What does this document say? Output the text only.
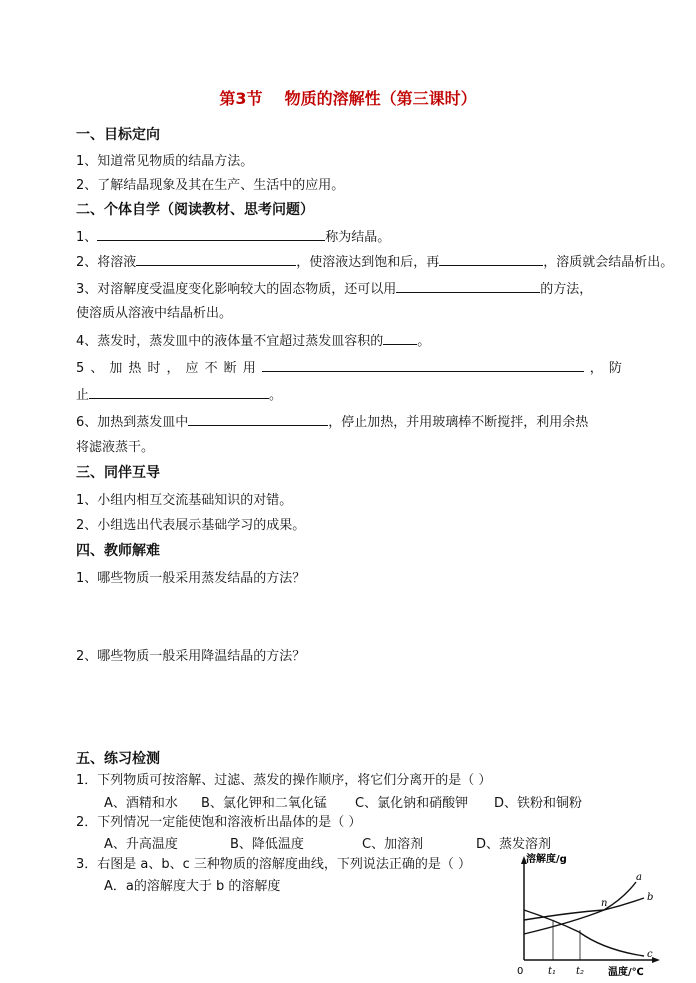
第3节 物质的溶解性（第三课时）
一、目标定向
1、知道常见物质的结晶方法。
2、了解结晶现象及其在生产、生活中的应用。
二、个体自学（阅读教材、思考问题）
1、	称为结晶。
2、将溶液	，使溶液达到饱和后，再	，溶质就会结晶析出。
3、对溶解度受温度变化影响较大的固态物质，还可以用	的方法，
使溶质从溶液中结晶析出。
4、蒸发时，蒸发皿中的液体量不宜超过蒸发皿容积的	。
5 、 加 热 时 ， 应 不 断 用	， 防
止	。
6、加热到蒸发皿中	，停止加热，并用玻璃棒不断搅拌，利用余热
将滤液蒸干。
三、同伴互导
1、小组内相互交流基础知识的对错。
2、小组选出代表展示基础学习的成果。
四、教师解难
1、哪些物质一般采用蒸发结晶的方法？
2、哪些物质一般采用降温结晶的方法？
五、练习检测
1．下列物质可按溶解、过滤、蒸发的操作顺序，将它们分离开的是（ ）
A、酒精和水 B、氯化钾和二氧化锰 C、氯化钠和硝酸钾 D、铁粉和铜粉
2．下列情况一定能使饱和溶液析出晶体的是（ ）
A、升高温度	B、降低温度	C、加溶剂	D、蒸发溶剂
3．右图是 a、b、c 三种物质的溶解度曲线，下列说法正确的是（ ）
A．a的溶解度大于 b 的溶解度
溶解度/g
温度/℃
0 t₁ t₂
n
a
b
c
